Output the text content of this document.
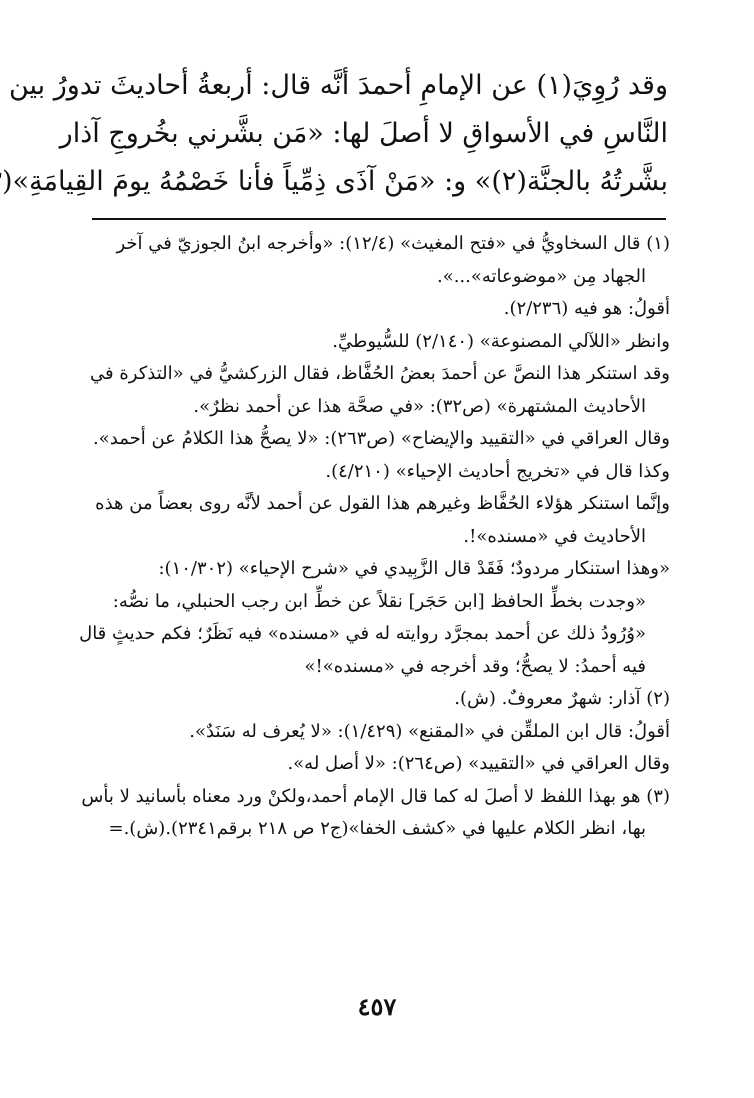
وقد رُوِيَ(١) عن الإمامِ أحمدَ أنَّه قال: أربعةُ أحاديثَ تدورُ بين
النَّاسِ في الأسواقِ لا أصلَ لها: «مَن بشَّرني بخُروجِ آذار
بشَّرتُهُ بالجنَّة(٢)» و: «مَنْ آذَى ذِمِّياً فأنا خَصْمُهُ يومَ القِيامَةِ»(
(١) قال السخاويُّ في «فتح المغيث» (١٢/٤): «وأخرجه ابنُ الجوزيّ في آخر
الجهاد مِن «موضوعاته»...».
أقولُ: هو فيه (٢/٢٣٦).
وانظر «اللآلي المصنوعة» (٢/١٤٠) للسُّيوطيِّ.
وقد استنكر هذا النصَّ عن أحمدَ بعضُ الحُفَّاظ، فقال الزركشيُّ في «التذكرة في
الأحاديث المشتهرة» (ص٣٢): «في صحَّة هذا عن أحمد نظرٌ».
وقال العراقي في «التقييد والإيضاح» (ص٢٦٣): «لا يصحُّ هذا الكلامُ عن أحمد».
وكذا قال في «تخريج أحاديث الإحياء» (٤/٢١٠).
وإنَّما استنكر هؤلاء الحُفَّاظ وغيرهم هذا القول عن أحمد لأنَّه روى بعضاً من هذه
الأحاديث في «مسنده»!.
«وهذا استنكار مردودٌ؛ فَقَدْ قال الزَّبِيدي في «شرح الإحياء» (١٠/٣٠٢):
«وجدت بخطِّ الحافظ [ابن حَجَر] نقلاً عن خطِّ ابن رجب الحنبلي، ما نصُّه:
«وُرُودُ ذلك عن أحمد بمجرَّد روايته له في «مسنده» فيه نَظَرٌ؛ فكم حديثٍ قال
فيه أحمدُ: لا يصحُّ؛ وقد أخرجه في «مسنده»!»
(٢) آذار: شهرٌ معروفٌ. (ش).
أقولُ: قال ابن الملقِّن في «المقنع» (١/٤٢٩): «لا يُعرف له سَنَدٌ».
وقال العراقي في «التقييد» (ص٢٦٤): «لا أصل له».
(٣) هو بهذا اللفظ لا أصلَ له كما قال الإمام أحمد،ولكنْ ورد معناه بأسانيد لا بأس
بها، انظر الكلام عليها في «كشف الخفا»(ج٢ ص ٢١٨ برقم٢٣٤١).(ش).=
٤٥٧
